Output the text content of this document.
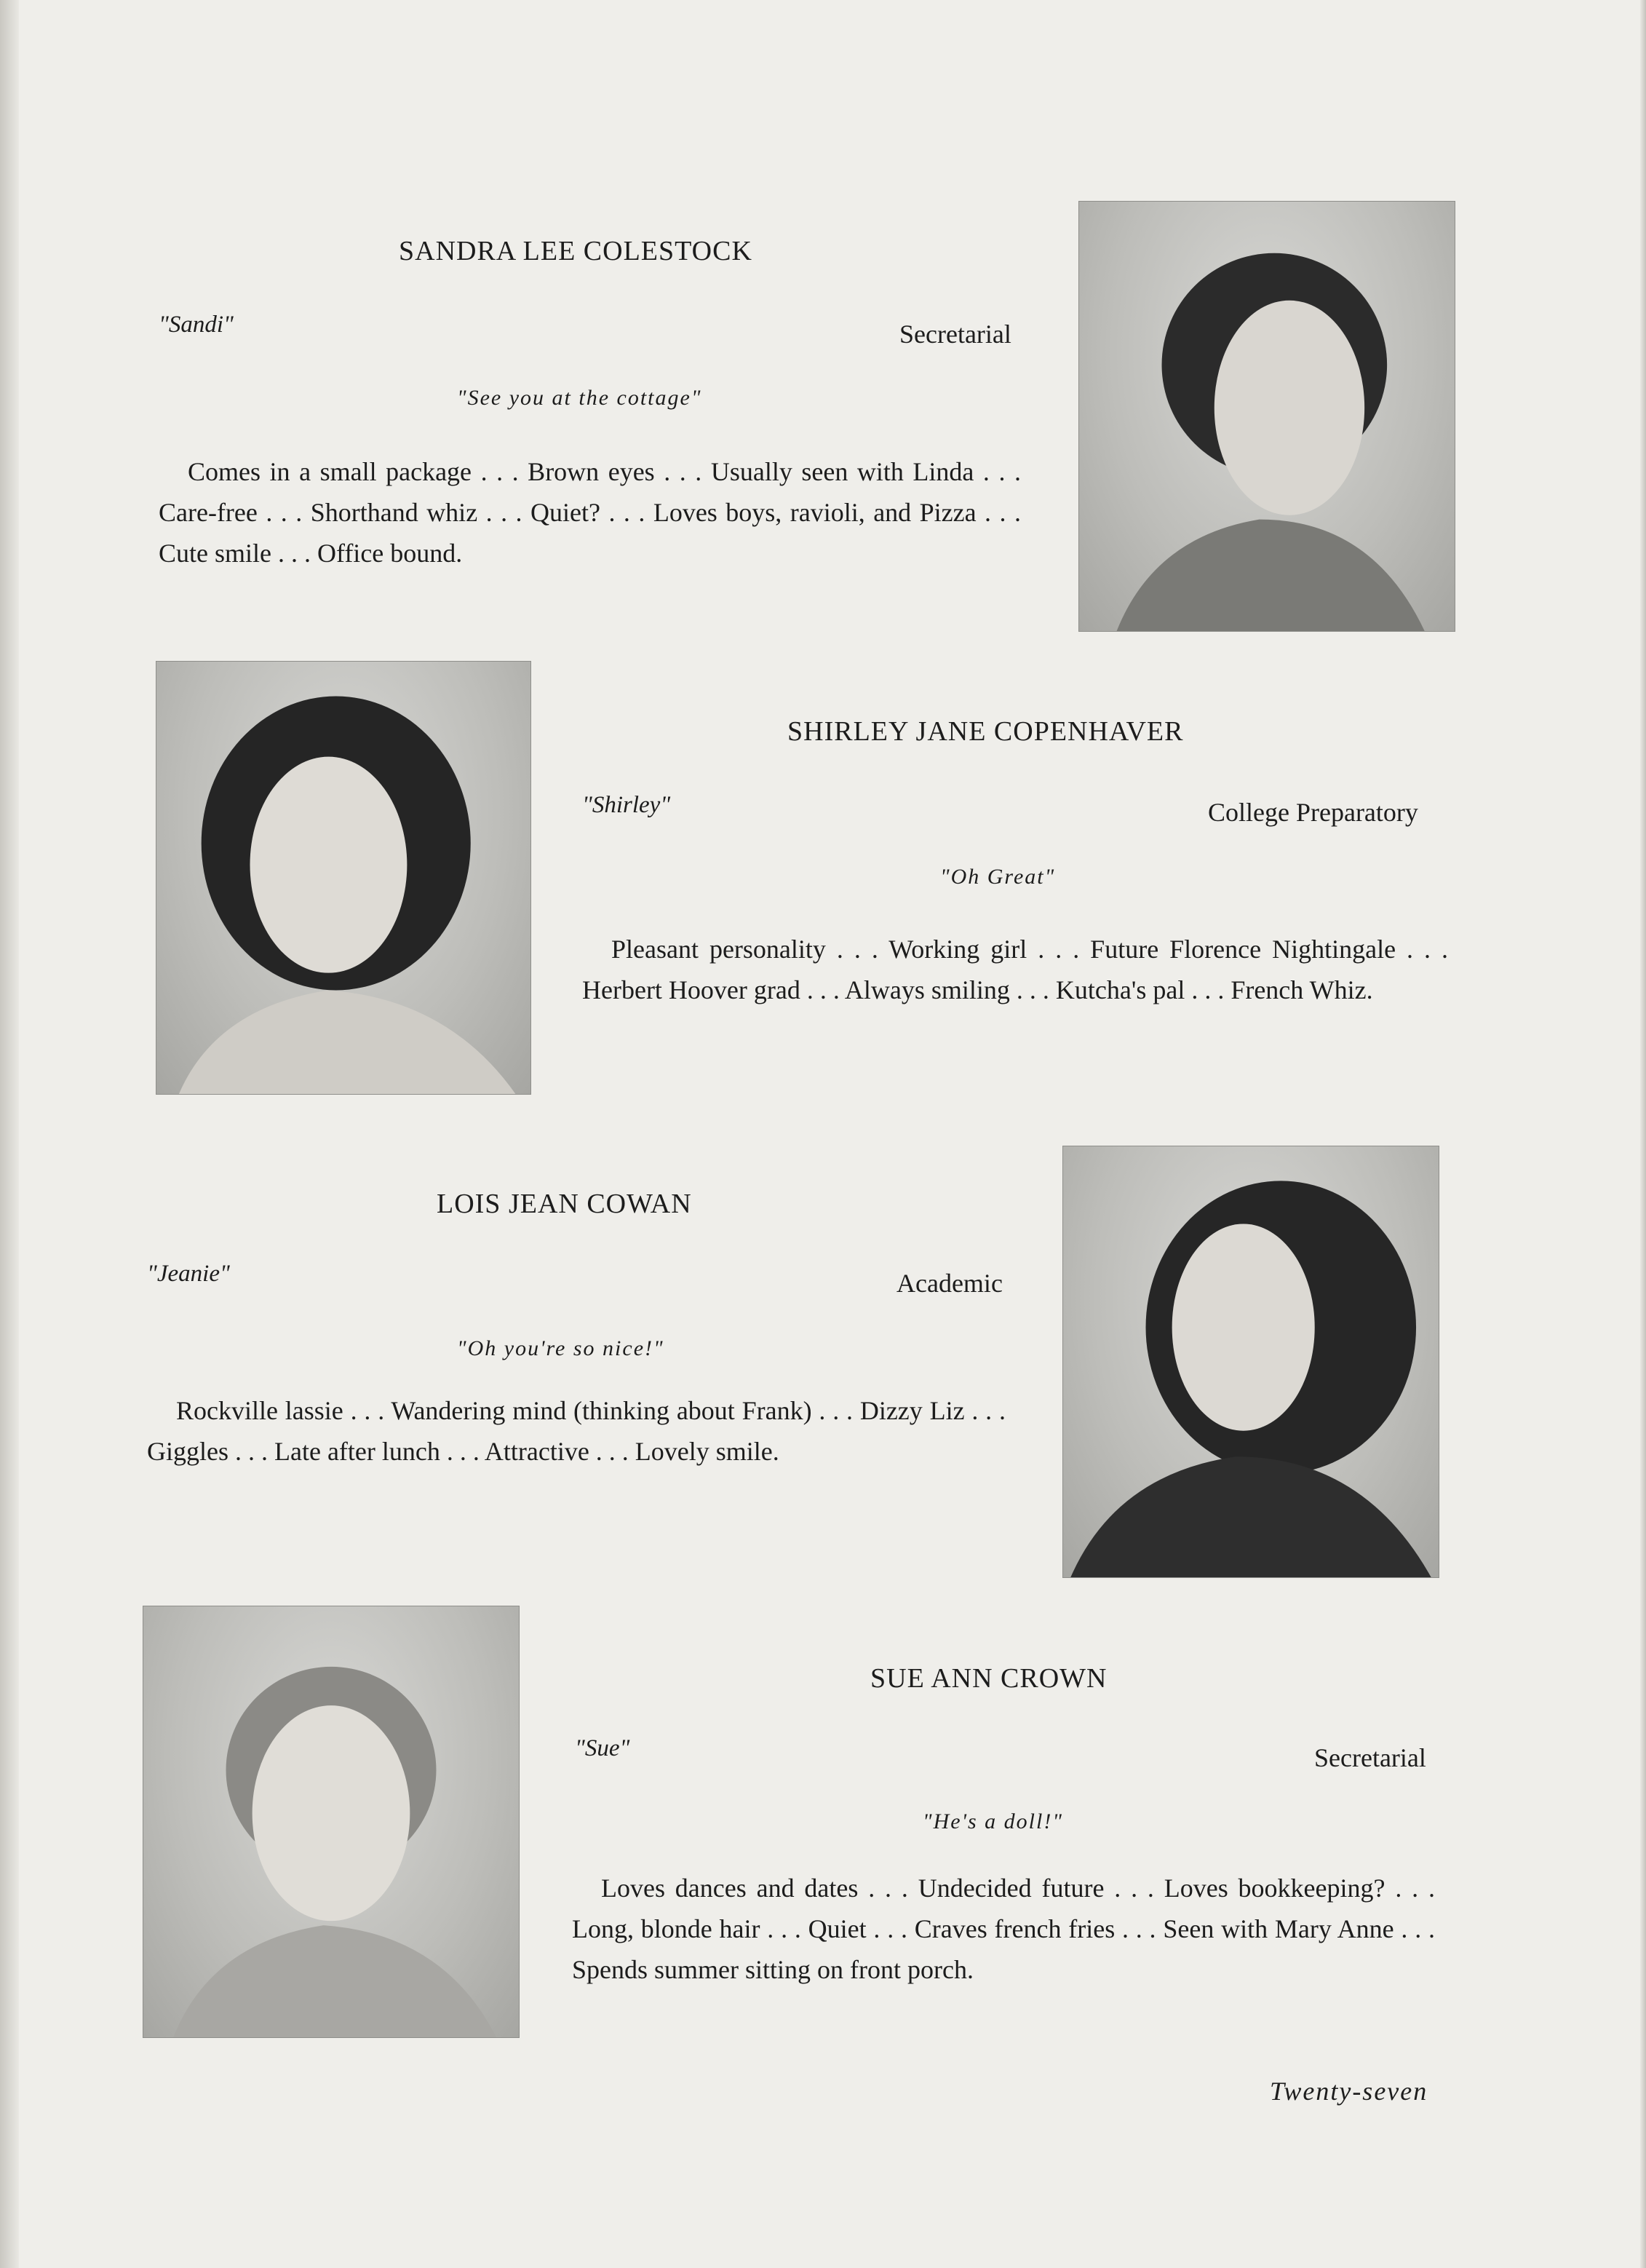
SANDRA LEE COLESTOCK
"Sandi"	Secretarial
"See you at the cottage"

Comes in a small package . . . Brown eyes . . . Usually seen with Linda . . . Care-free . . . Shorthand whiz . . . Quiet? . . . Loves boys, ravioli, and Pizza . . . Cute smile . . . Office bound.

SHIRLEY JANE COPENHAVER
"Shirley"	College Preparatory
"Oh Great"

Pleasant personality . . . Working girl . . . Future Florence Nightingale . . . Herbert Hoover grad . . . Always smiling . . . Kutcha's pal . . . French Whiz.

LOIS JEAN COWAN
"Jeanie"	Academic
"Oh you're so nice!"

Rockville lassie . . . Wandering mind (thinking about Frank) . . . Dizzy Liz . . . Giggles . . . Late after lunch . . . Attractive . . . Lovely smile.

SUE ANN CROWN
"Sue"	Secretarial
"He's a doll!"

Loves dances and dates . . . Undecided future . . . Loves bookkeeping? . . . Long, blonde hair . . . Quiet . . . Craves french fries . . . Seen with Mary Anne . . . Spends summer sitting on front porch.

Twenty-seven
